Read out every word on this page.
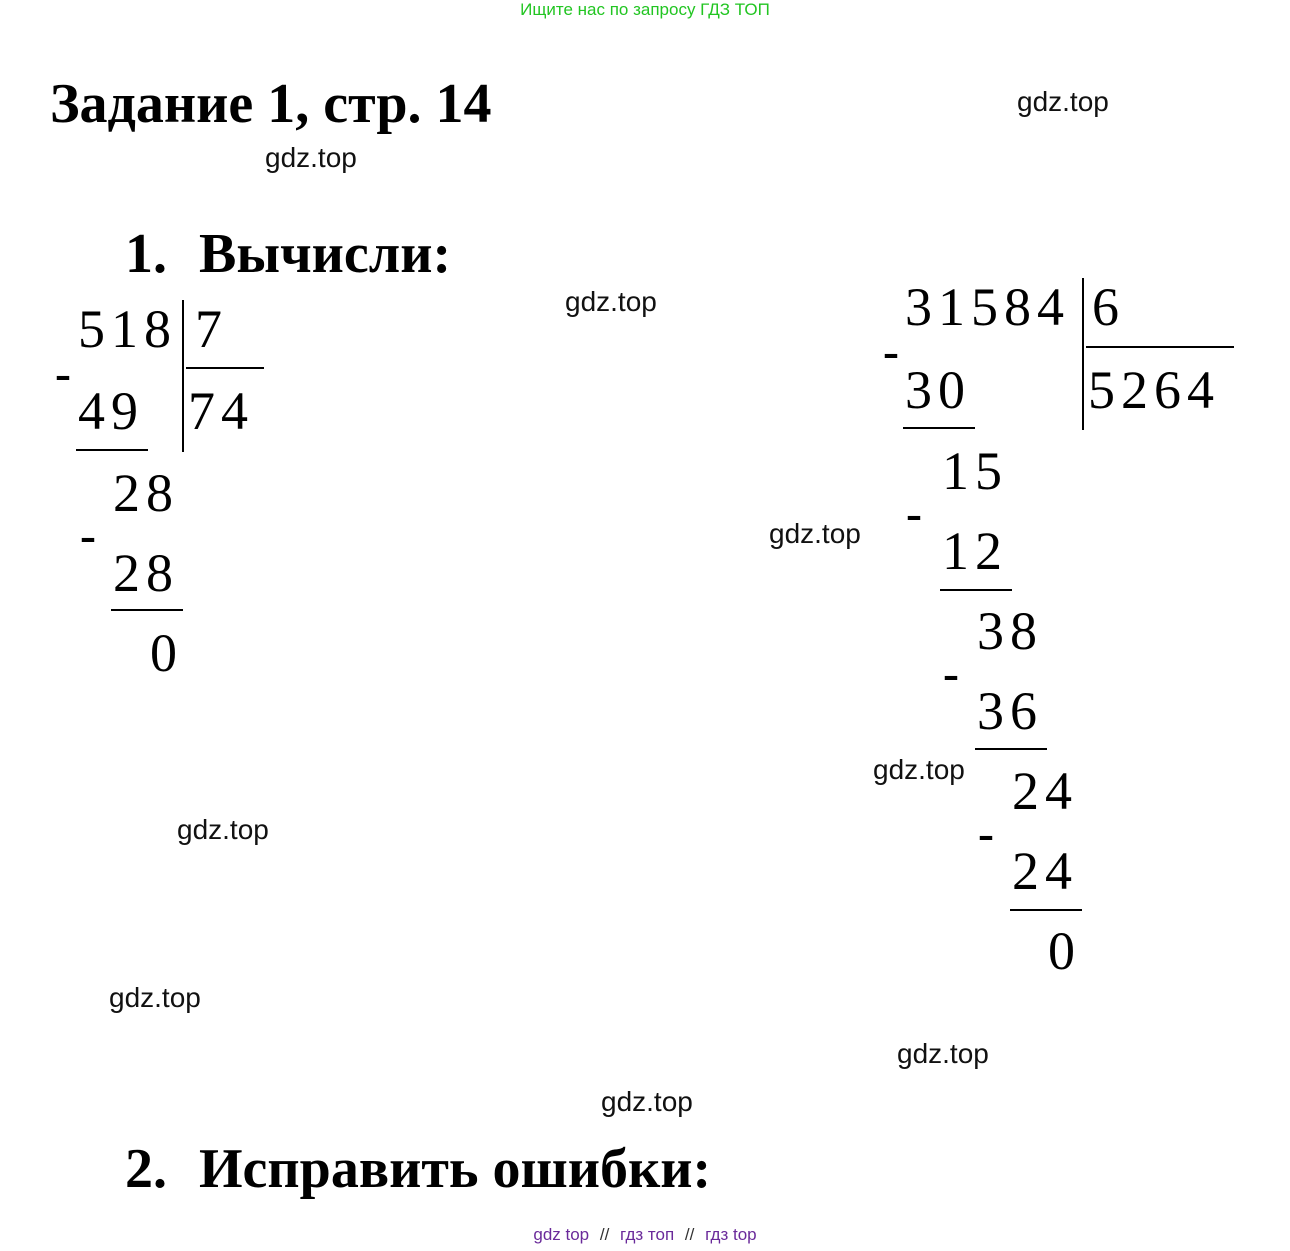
Ищите нас по запросу ГДЗ ТОП
Задание 1, стр. 14
1. Вычисли:
518 7
74
-
49
28
-
28
0
31584 6
5264
-
30
15
-
12
38
-
36
24
-
24
0
gdz.top
gdz.top
gdz.top
gdz.top
gdz.top
gdz.top
gdz.top
gdz.top
gdz.top
2. Исправить ошибки:
gdz top // гдз топ // гдз top
